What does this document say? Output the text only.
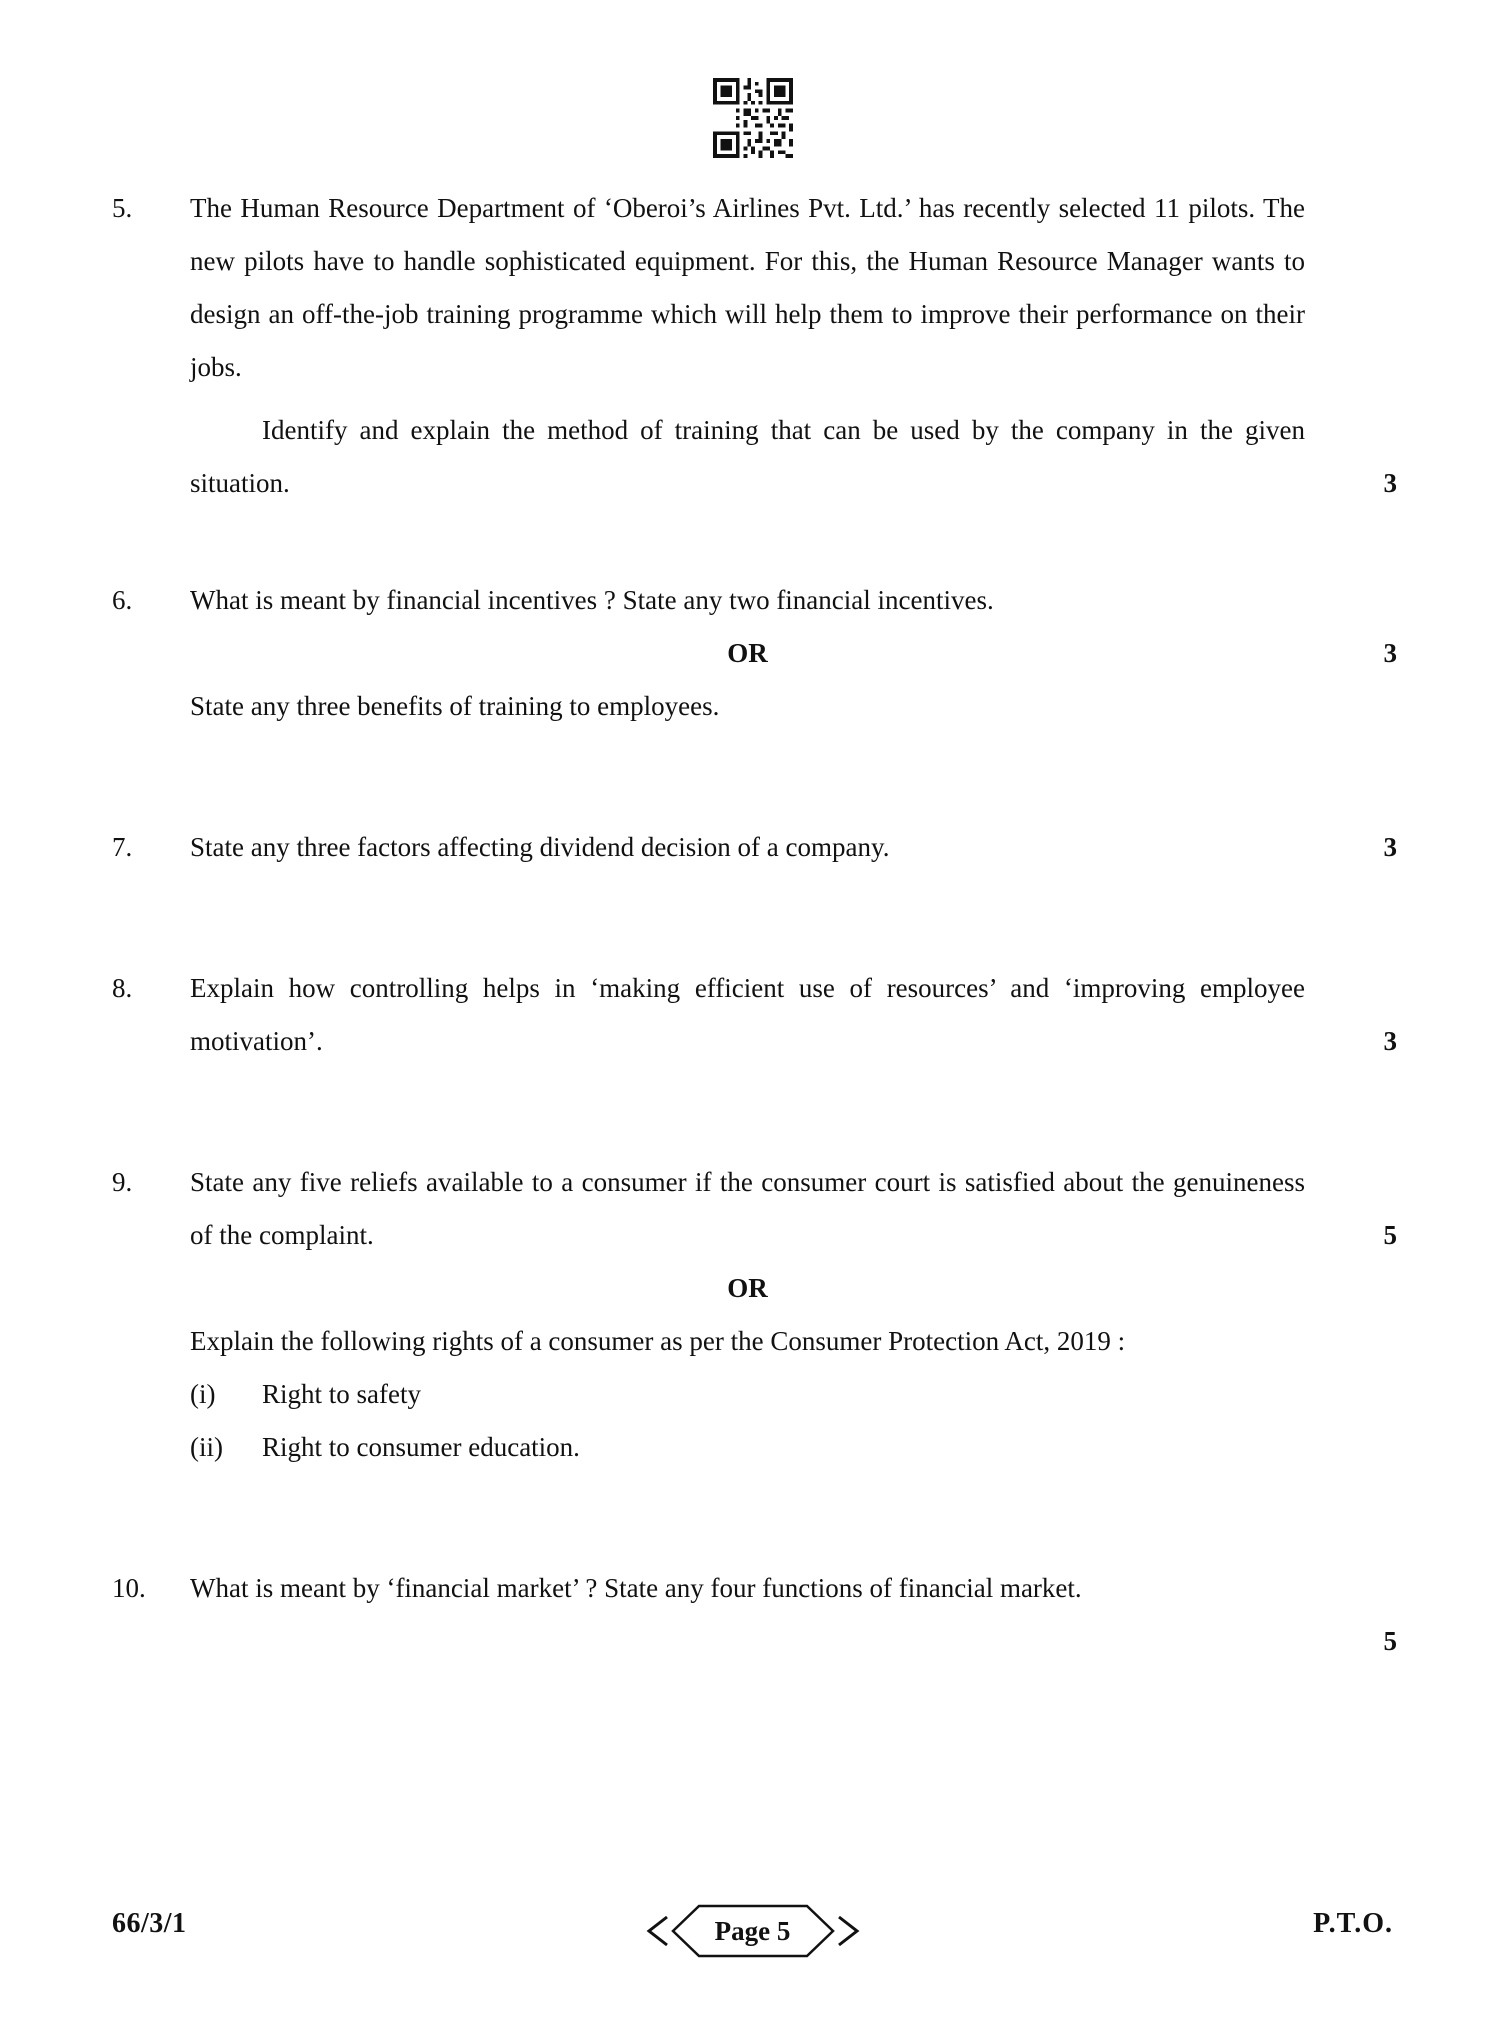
5.	The Human Resource Department of ‘Oberoi’s Airlines Pvt. Ltd.’ has recently selected 11 pilots. The new pilots have to handle sophisticated equipment. For this, the Human Resource Manager wants to design an off-the-job training programme which will help them to improve their performance on their jobs.
Identify and explain the method of training that can be used by the company in the given situation.	3
6.	What is meant by financial incentives ? State any two financial incentives.
3
OR
State any three benefits of training to employees.
7.	State any three factors affecting dividend decision of a company.	3
8.	Explain how controlling helps in ‘making efficient use of resources’ and ‘improving employee motivation’.	3
9.	State any five reliefs available to a consumer if the consumer court is satisfied about the genuineness of the complaint.	5
OR
Explain the following rights of a consumer as per the Consumer Protection Act, 2019 :
(i)	Right to safety
(ii)	Right to consumer education.
10.	What is meant by ‘financial market’ ? State any four functions of financial market.
5
66/3/1	Page 5	P.T.O.
